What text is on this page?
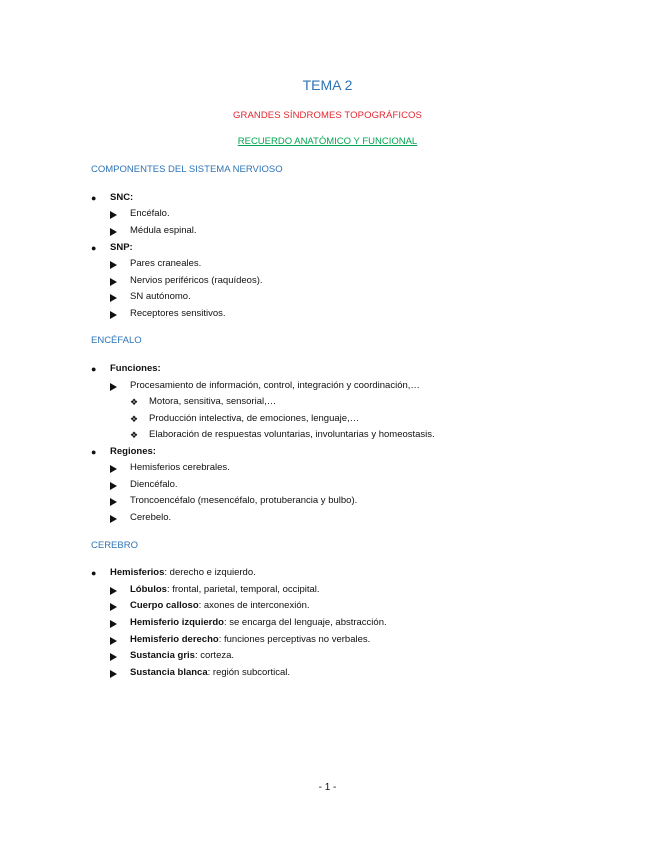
TEMA 2
GRANDES SÍNDROMES TOPOGRÁFICOS
RECUERDO ANATÓMICO Y FUNCIONAL
COMPONENTES DEL SISTEMA NERVIOSO
● SNC:
Encéfalo.
Médula espinal.
● SNP:
Pares craneales.
Nervios periféricos (raquídeos).
SN autónomo.
Receptores sensitivos.
ENCÉFALO
● Funciones:
Procesamiento de información, control, integración y coordinación,…
❖ Motora, sensitiva, sensorial,…
❖ Producción intelectiva, de emociones, lenguaje,…
❖ Elaboración de respuestas voluntarias, involuntarias y homeostasis.
● Regiones:
Hemisferios cerebrales.
Diencéfalo.
Troncoencéfalo (mesencéfalo, protuberancia y bulbo).
Cerebelo.
CEREBRO
● Hemisferios: derecho e izquierdo.
Lóbulos: frontal, parietal, temporal, occipital.
Cuerpo calloso: axones de interconexión.
Hemisferio izquierdo: se encarga del lenguaje, abstracción.
Hemisferio derecho: funciones perceptivas no verbales.
Sustancia gris: corteza.
Sustancia blanca: región subcortical.
- 1 -
